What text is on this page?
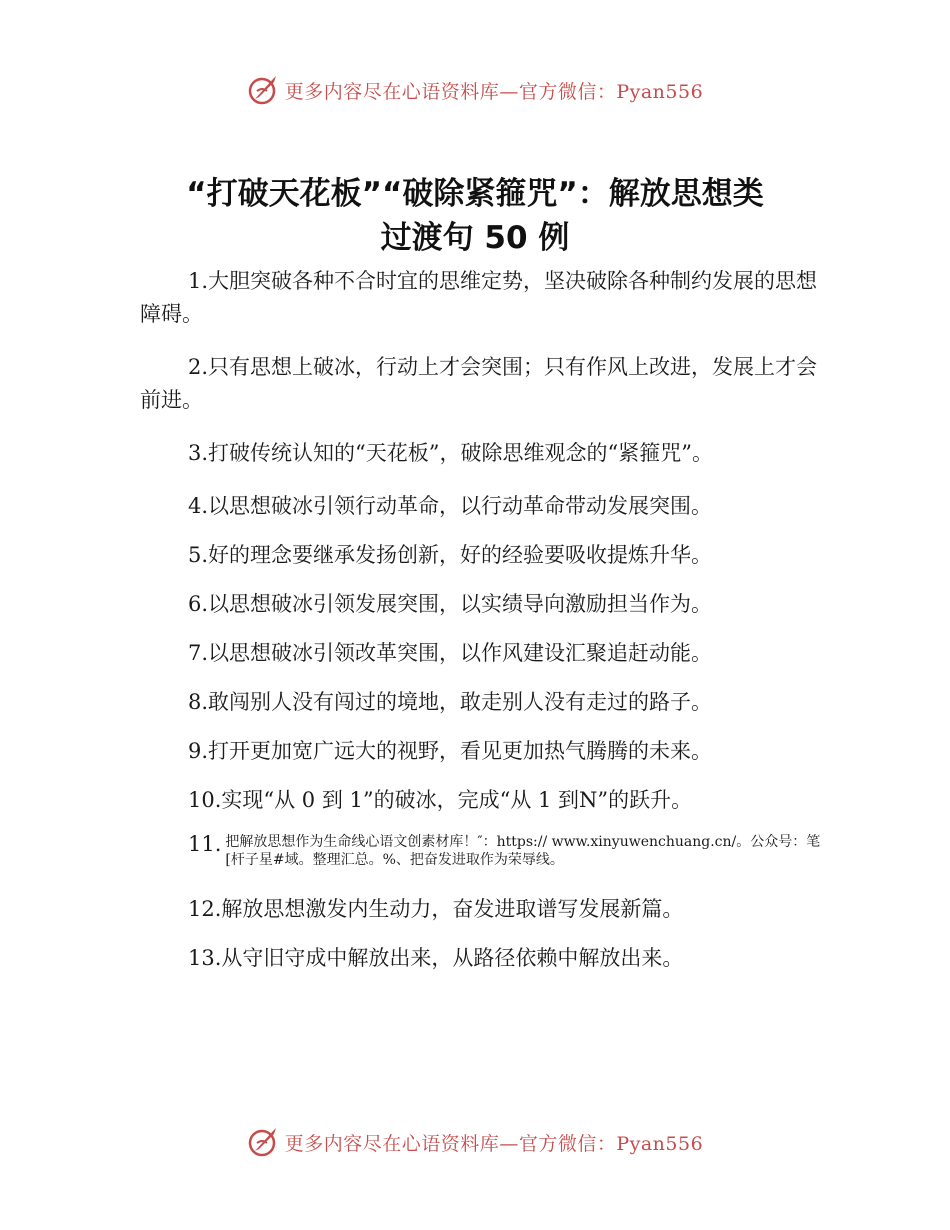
更多内容尽在心语资料库—官方微信：Pyan556
“打破天花板”“破除紧箍咒”：解放思想类
过渡句 50 例

1.大胆突破各种不合时宜的思维定势，坚决破除各种制约发展的思想障碍。

2.只有思想上破冰，行动上才会突围；只有作风上改进，发展上才会前进。

3.打破传统认知的“天花板”，破除思维观念的“紧箍咒”。

4.以思想破冰引领行动革命，以行动革命带动发展突围。

5.好的理念要继承发扬创新，好的经验要吸收提炼升华。

6.以思想破冰引领发展突围，以实绩导向激励担当作为。

7.以思想破冰引领改革突围，以作风建设汇聚追赶动能。

8.敢闯别人没有闯过的境地，敢走别人没有走过的路子。

9.打开更加宽广远大的视野，看见更加热气腾腾的未来。

10.实现“从 0 到 1”的破冰，完成“从 1 到N”的跃升。

11. 把解放思想作为生命线心语文创素材库！″：https:// www.xinyuwenchuang.cn/。公众号：笔[杆子星#域。整理汇总。%、把奋发进取作为荣辱线。

12.解放思想激发内生动力，奋发进取谱写发展新篇。

13.从守旧守成中解放出来，从路径依赖中解放出来。

更多内容尽在心语资料库—官方微信：Pyan556
